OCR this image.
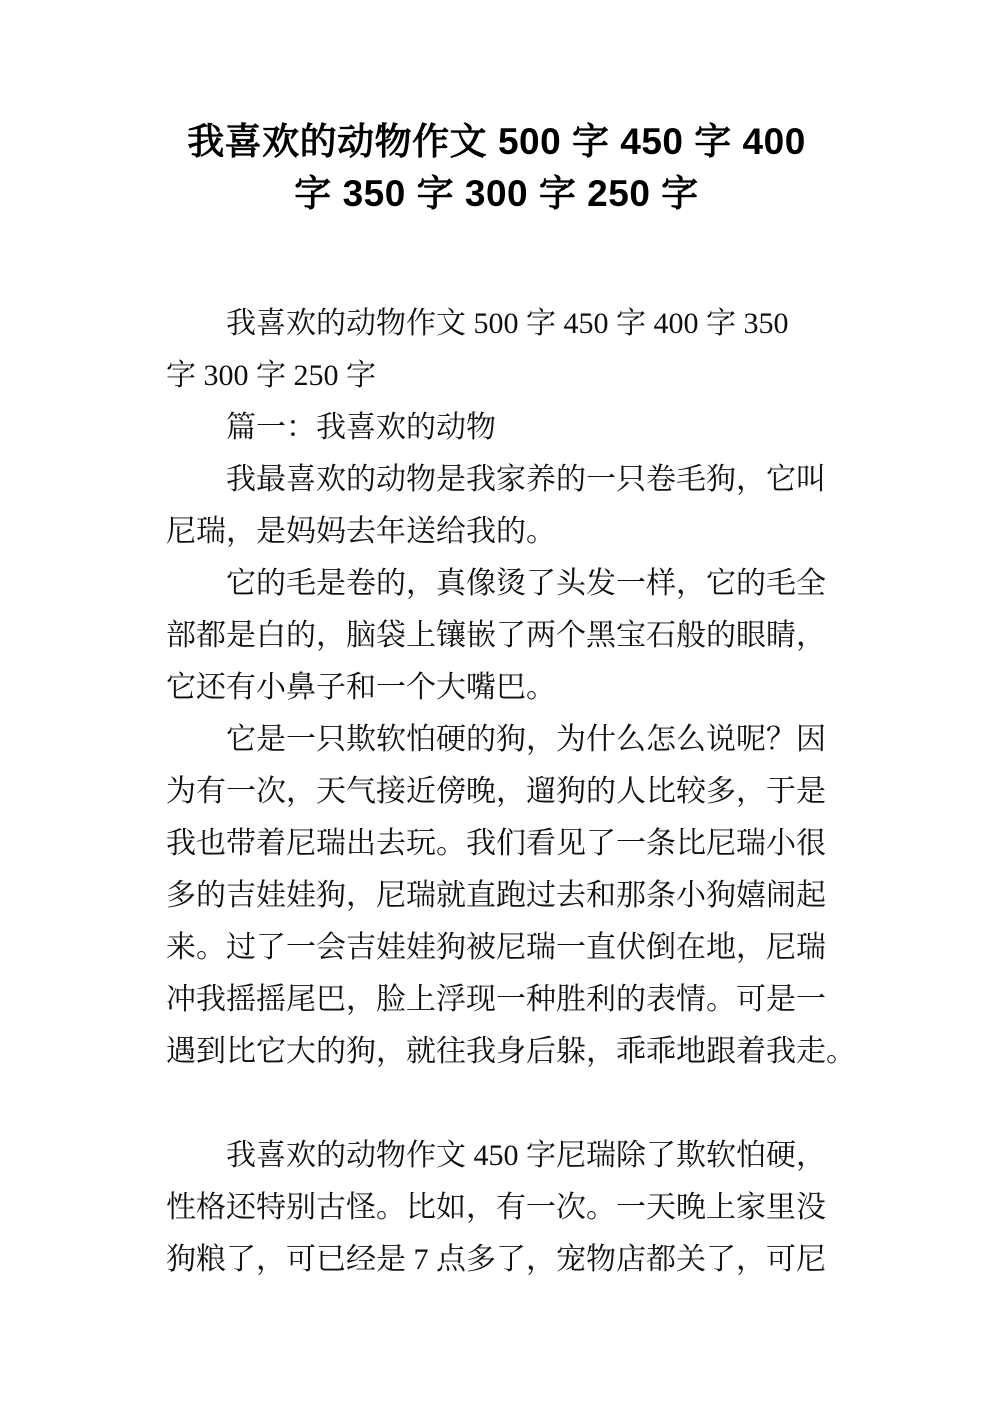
我喜欢的动物作文 500 字 450 字 400
字 350 字 300 字 250 字
我喜欢的动物作文 500 字 450 字 400 字 350
字 300 字 250 字
篇一：我喜欢的动物
我最喜欢的动物是我家养的一只卷毛狗，它叫
尼瑞，是妈妈去年送给我的。
它的毛是卷的，真像烫了头发一样，它的毛全
部都是白的，脑袋上镶嵌了两个黑宝石般的眼睛，
它还有小鼻子和一个大嘴巴。
它是一只欺软怕硬的狗，为什么怎么说呢？因
为有一次，天气接近傍晚，遛狗的人比较多，于是
我也带着尼瑞出去玩。我们看见了一条比尼瑞小很
多的吉娃娃狗，尼瑞就直跑过去和那条小狗嬉闹起
来。过了一会吉娃娃狗被尼瑞一直伏倒在地，尼瑞
冲我摇摇尾巴，脸上浮现一种胜利的表情。可是一
遇到比它大的狗，就往我身后躲，乖乖地跟着我走。

我喜欢的动物作文 450 字尼瑞除了欺软怕硬，
性格还特别古怪。比如，有一次。一天晚上家里没
狗粮了，可已经是 7 点多了，宠物店都关了，可尼
